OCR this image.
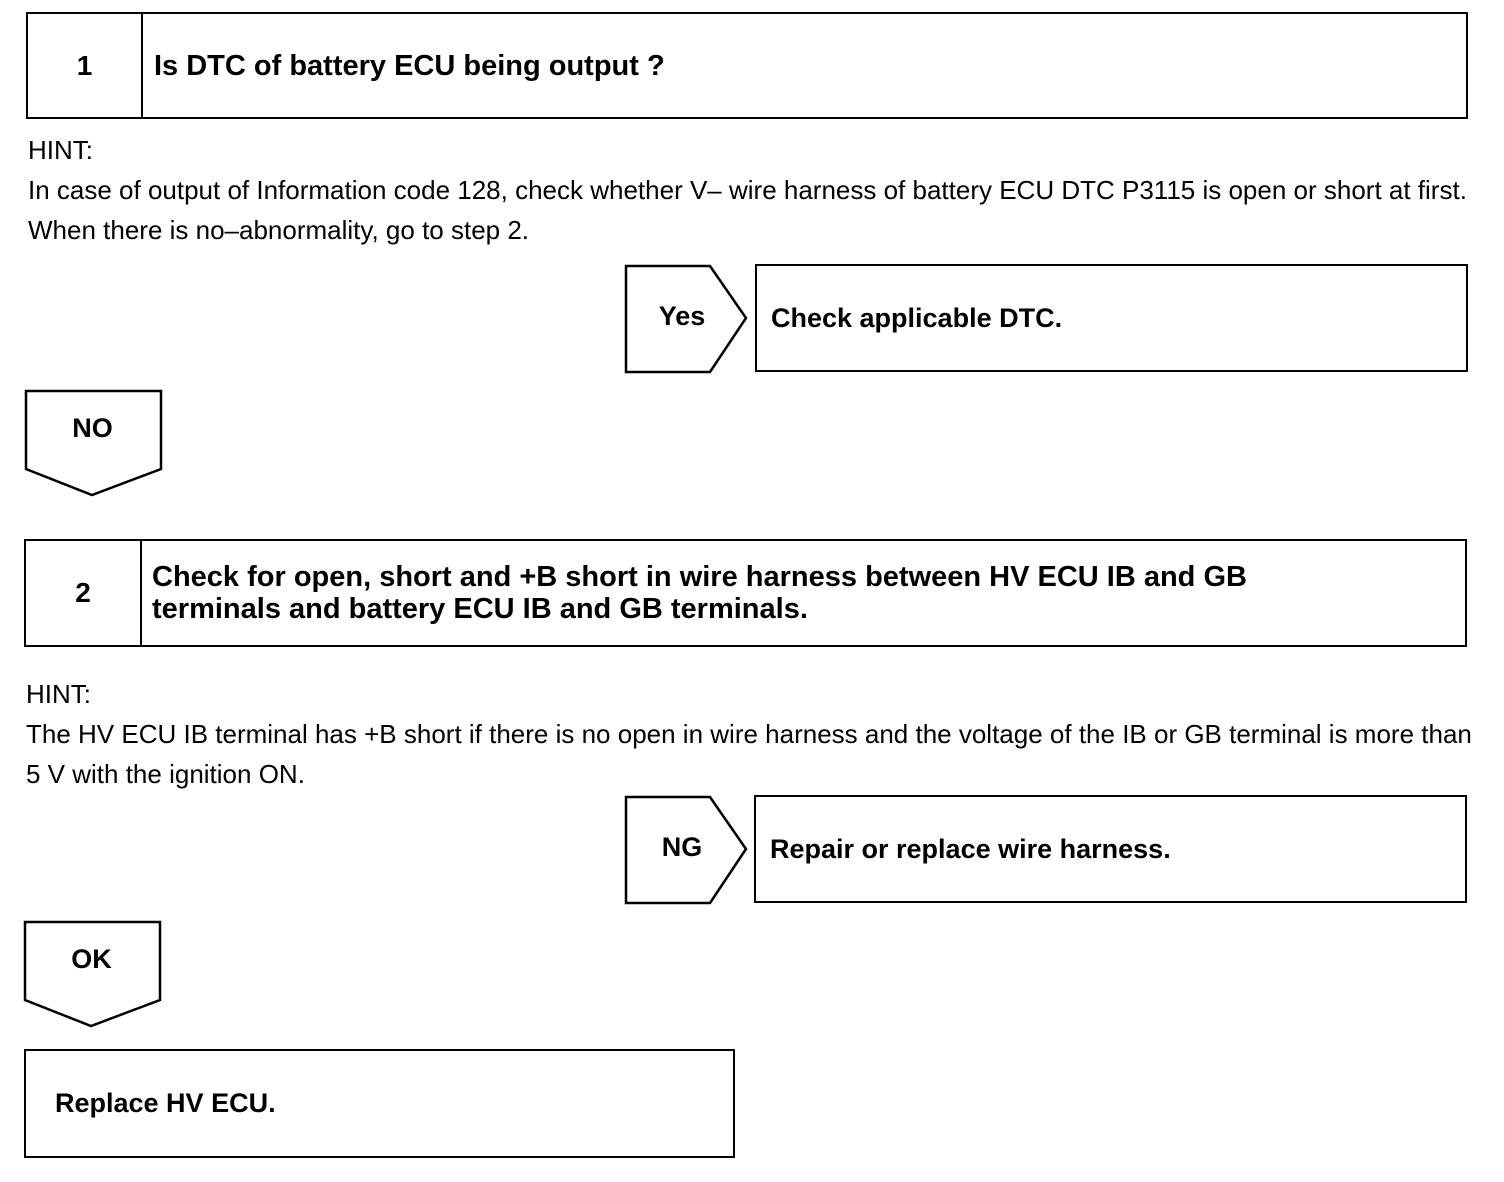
1	Is DTC of battery ECU being output ?
HINT:
In case of output of Information code 128, check whether V– wire harness of battery ECU DTC P3115 is open or short at first. When there is no–abnormality, go to step 2.
Yes	Check applicable DTC.
NO
2	Check for open, short and +B short in wire harness between HV ECU IB and GB
terminals and battery ECU IB and GB terminals.
HINT:
The HV ECU IB terminal has +B short if there is no open in wire harness and the voltage of the IB or GB terminal is more than 5 V with the ignition ON.
NG	Repair or replace wire harness.
OK
Replace HV ECU.
